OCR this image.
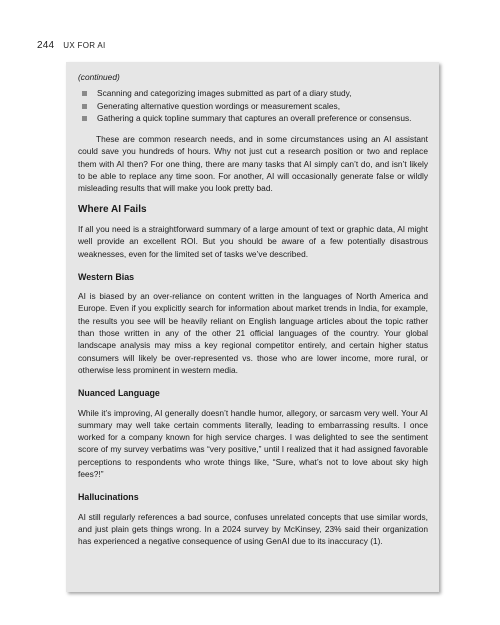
244 UX FOR AI
(continued)
Scanning and categorizing images submitted as part of a diary study,
Generating alternative question wordings or measurement scales,
Gathering a quick topline summary that captures an overall preference or consensus.

These are common research needs, and in some circumstances using an AI assistant could save you hundreds of hours. Why not just cut a research position or two and replace them with AI then? For one thing, there are many tasks that AI simply can’t do, and isn’t likely to be able to replace any time soon. For another, AI will occasionally generate false or wildly misleading results that will make you look pretty bad.

Where AI Fails

If all you need is a straightforward summary of a large amount of text or graphic data, AI might well provide an excellent ROI. But you should be aware of a few potentially disastrous weaknesses, even for the limited set of tasks we’ve described.

Western Bias

AI is biased by an over-reliance on content written in the languages of North America and Europe. Even if you explicitly search for information about market trends in India, for example, the results you see will be heavily reliant on English language articles about the topic rather than those written in any of the other 21 official languages of the country. Your global landscape analysis may miss a key regional competitor entirely, and certain higher status consumers will likely be over-represented vs. those who are lower income, more rural, or otherwise less prominent in western media.

Nuanced Language

While it’s improving, AI generally doesn’t handle humor, allegory, or sarcasm very well. Your AI summary may well take certain comments literally, leading to embarrassing results. I once worked for a company known for high service charges. I was delighted to see the sentiment score of my survey verbatims was “very positive,” until I realized that it had assigned favorable perceptions to respondents who wrote things like, “Sure, what’s not to love about sky high fees?!”

Hallucinations

AI still regularly references a bad source, confuses unrelated concepts that use similar words, and just plain gets things wrong. In a 2024 survey by McKinsey, 23% said their organization has experienced a negative consequence of using GenAI due to its inaccuracy (1).
